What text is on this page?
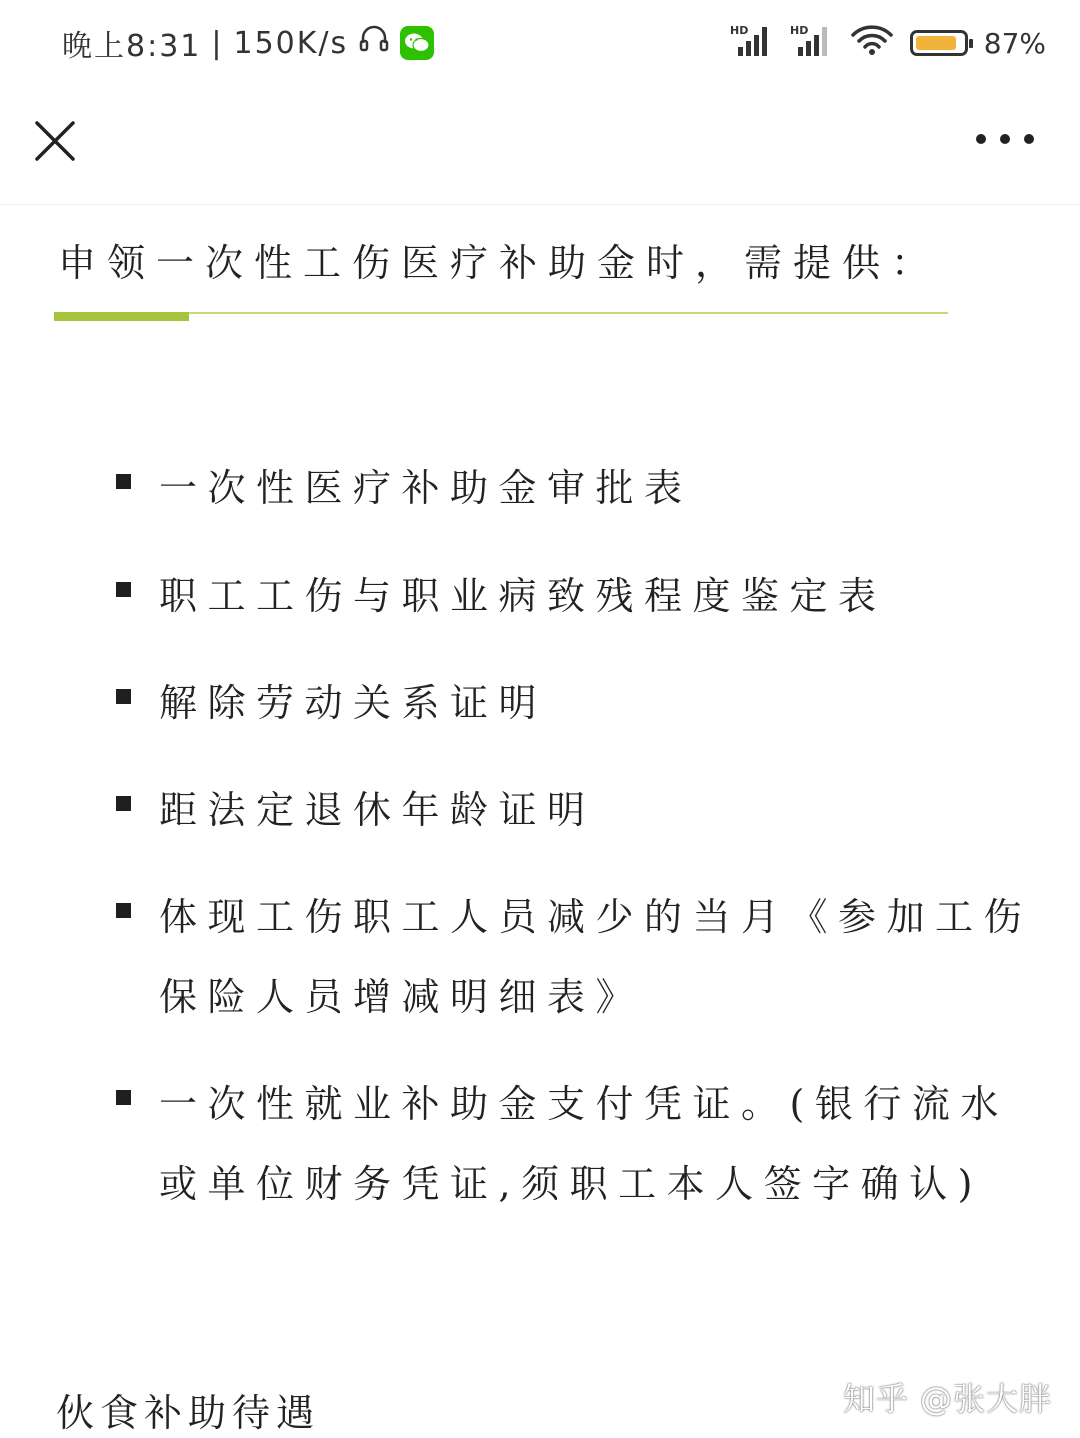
晚上8:31 | 150K/s	HD	HD	87%
申领一次性工伤医疗补助金时，需提供：
一次性医疗补助金审批表
职工工伤与职业病致残程度鉴定表
解除劳动关系证明
距法定退休年龄证明
体现工伤职工人员减少的当月《参加工伤保险人员增减明细表》
一次性就业补助金支付凭证。(银行流水或单位财务凭证,须职工本人签字确认)
伙食补助待遇	知乎 @张大胖
